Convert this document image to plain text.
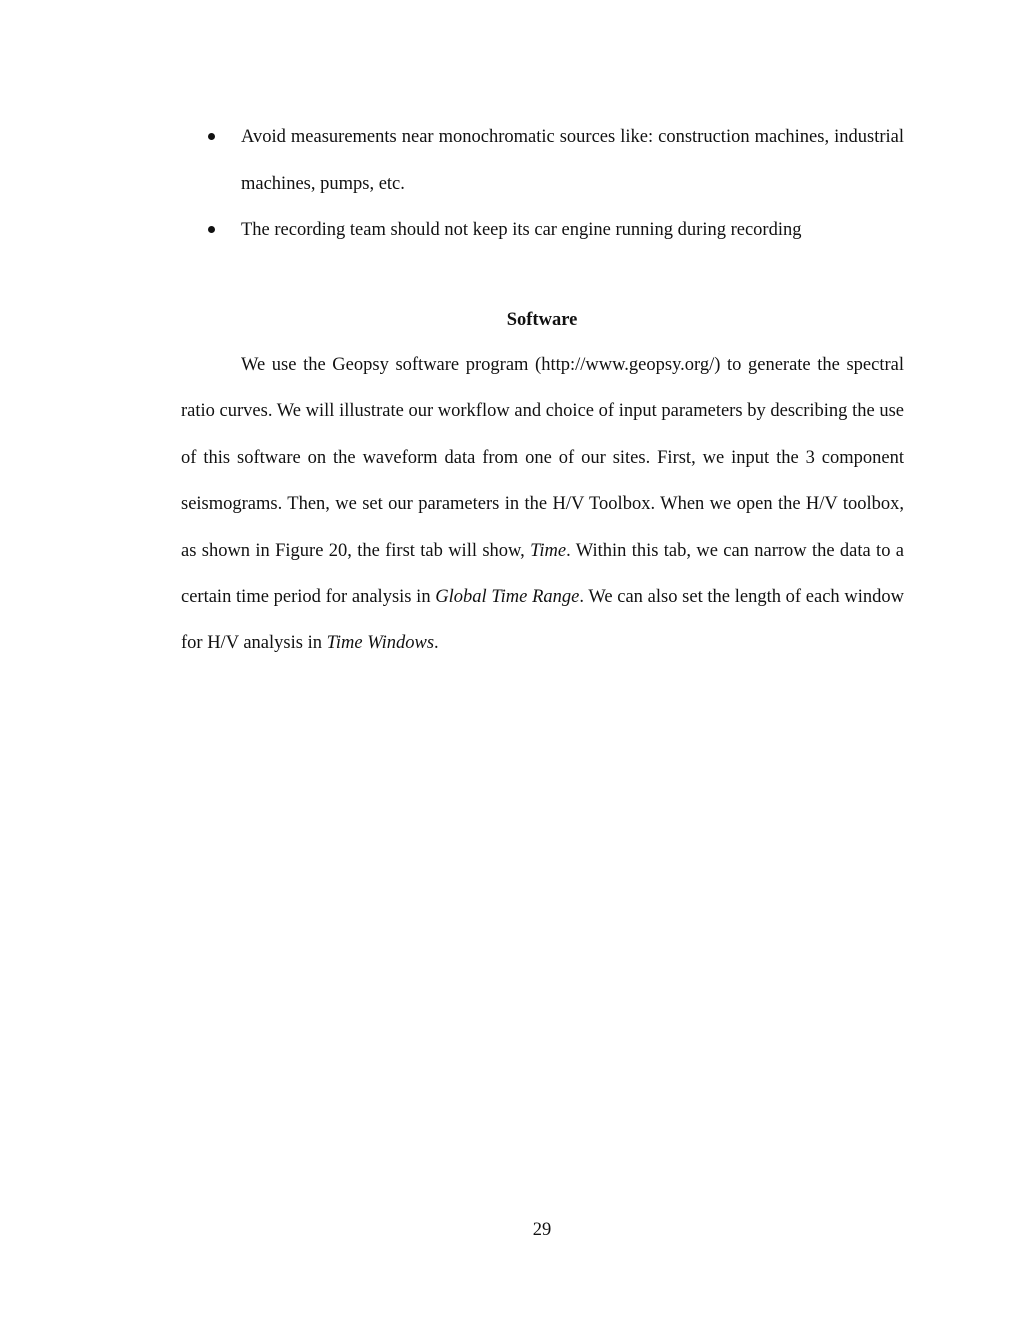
Avoid measurements near monochromatic sources like: construction machines, industrial machines, pumps, etc.
The recording team should not keep its car engine running during recording
Software

We use the Geopsy software program (http://www.geopsy.org/) to generate the spectral ratio curves. We will illustrate our workflow and choice of input parameters by describing the use of this software on the waveform data from one of our sites. First, we input the 3 component seismograms. Then, we set our parameters in the H/V Toolbox. When we open the H/V toolbox, as shown in Figure 20, the first tab will show, Time. Within this tab, we can narrow the data to a certain time period for analysis in Global Time Range. We can also set the length of each window for H/V analysis in Time Windows.

29
